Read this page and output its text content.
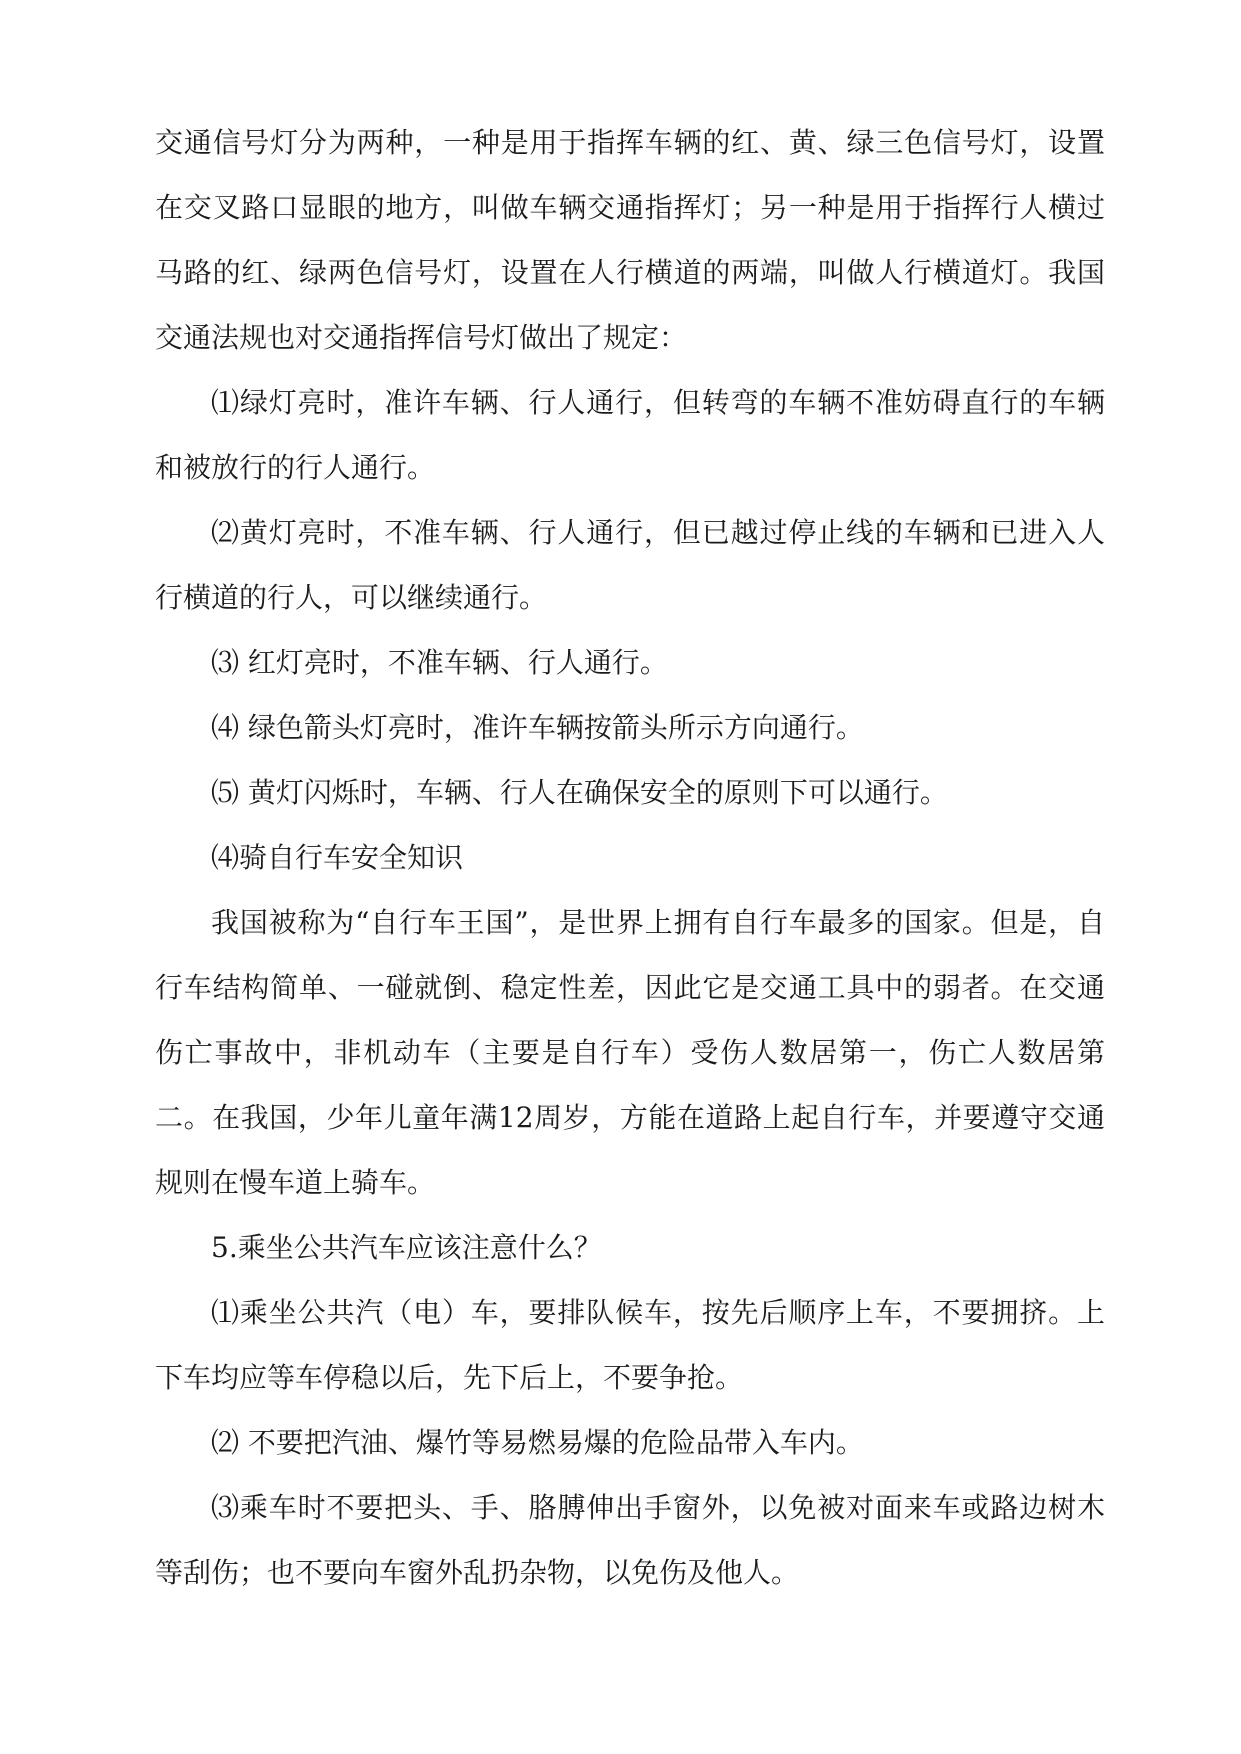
交通信号灯分为两种，一种是用于指挥车辆的红、黄、绿三色信号灯，设置在交叉路口显眼的地方，叫做车辆交通指挥灯；另一种是用于指挥行人横过马路的红、绿两色信号灯，设置在人行横道的两端，叫做人行横道灯。我国交通法规也对交通指挥信号灯做出了规定：

⑴绿灯亮时，准许车辆、行人通行，但转弯的车辆不准妨碍直行的车辆和被放行的行人通行。

⑵黄灯亮时，不准车辆、行人通行，但已越过停止线的车辆和已进入人行横道的行人，可以继续通行。

⑶ 红灯亮时，不准车辆、行人通行。

⑷ 绿色箭头灯亮时，准许车辆按箭头所示方向通行。

⑸ 黄灯闪烁时，车辆、行人在确保安全的原则下可以通行。

⑷骑自行车安全知识

我国被称为“自行车王国”，是世界上拥有自行车最多的国家。但是，自行车结构简单、一碰就倒、稳定性差，因此它是交通工具中的弱者。在交通伤亡事故中，非机动车（主要是自行车）受伤人数居第一，伤亡人数居第二。在我国，少年儿童年满12周岁，方能在道路上起自行车，并要遵守交通规则在慢车道上骑车。

5.乘坐公共汽车应该注意什么？

⑴乘坐公共汽（电）车，要排队候车，按先后顺序上车，不要拥挤。上下车均应等车停稳以后，先下后上，不要争抢。

⑵ 不要把汽油、爆竹等易燃易爆的危险品带入车内。

⑶乘车时不要把头、手、胳膊伸出手窗外，以免被对面来车或路边树木等刮伤；也不要向车窗外乱扔杂物，以免伤及他人。
